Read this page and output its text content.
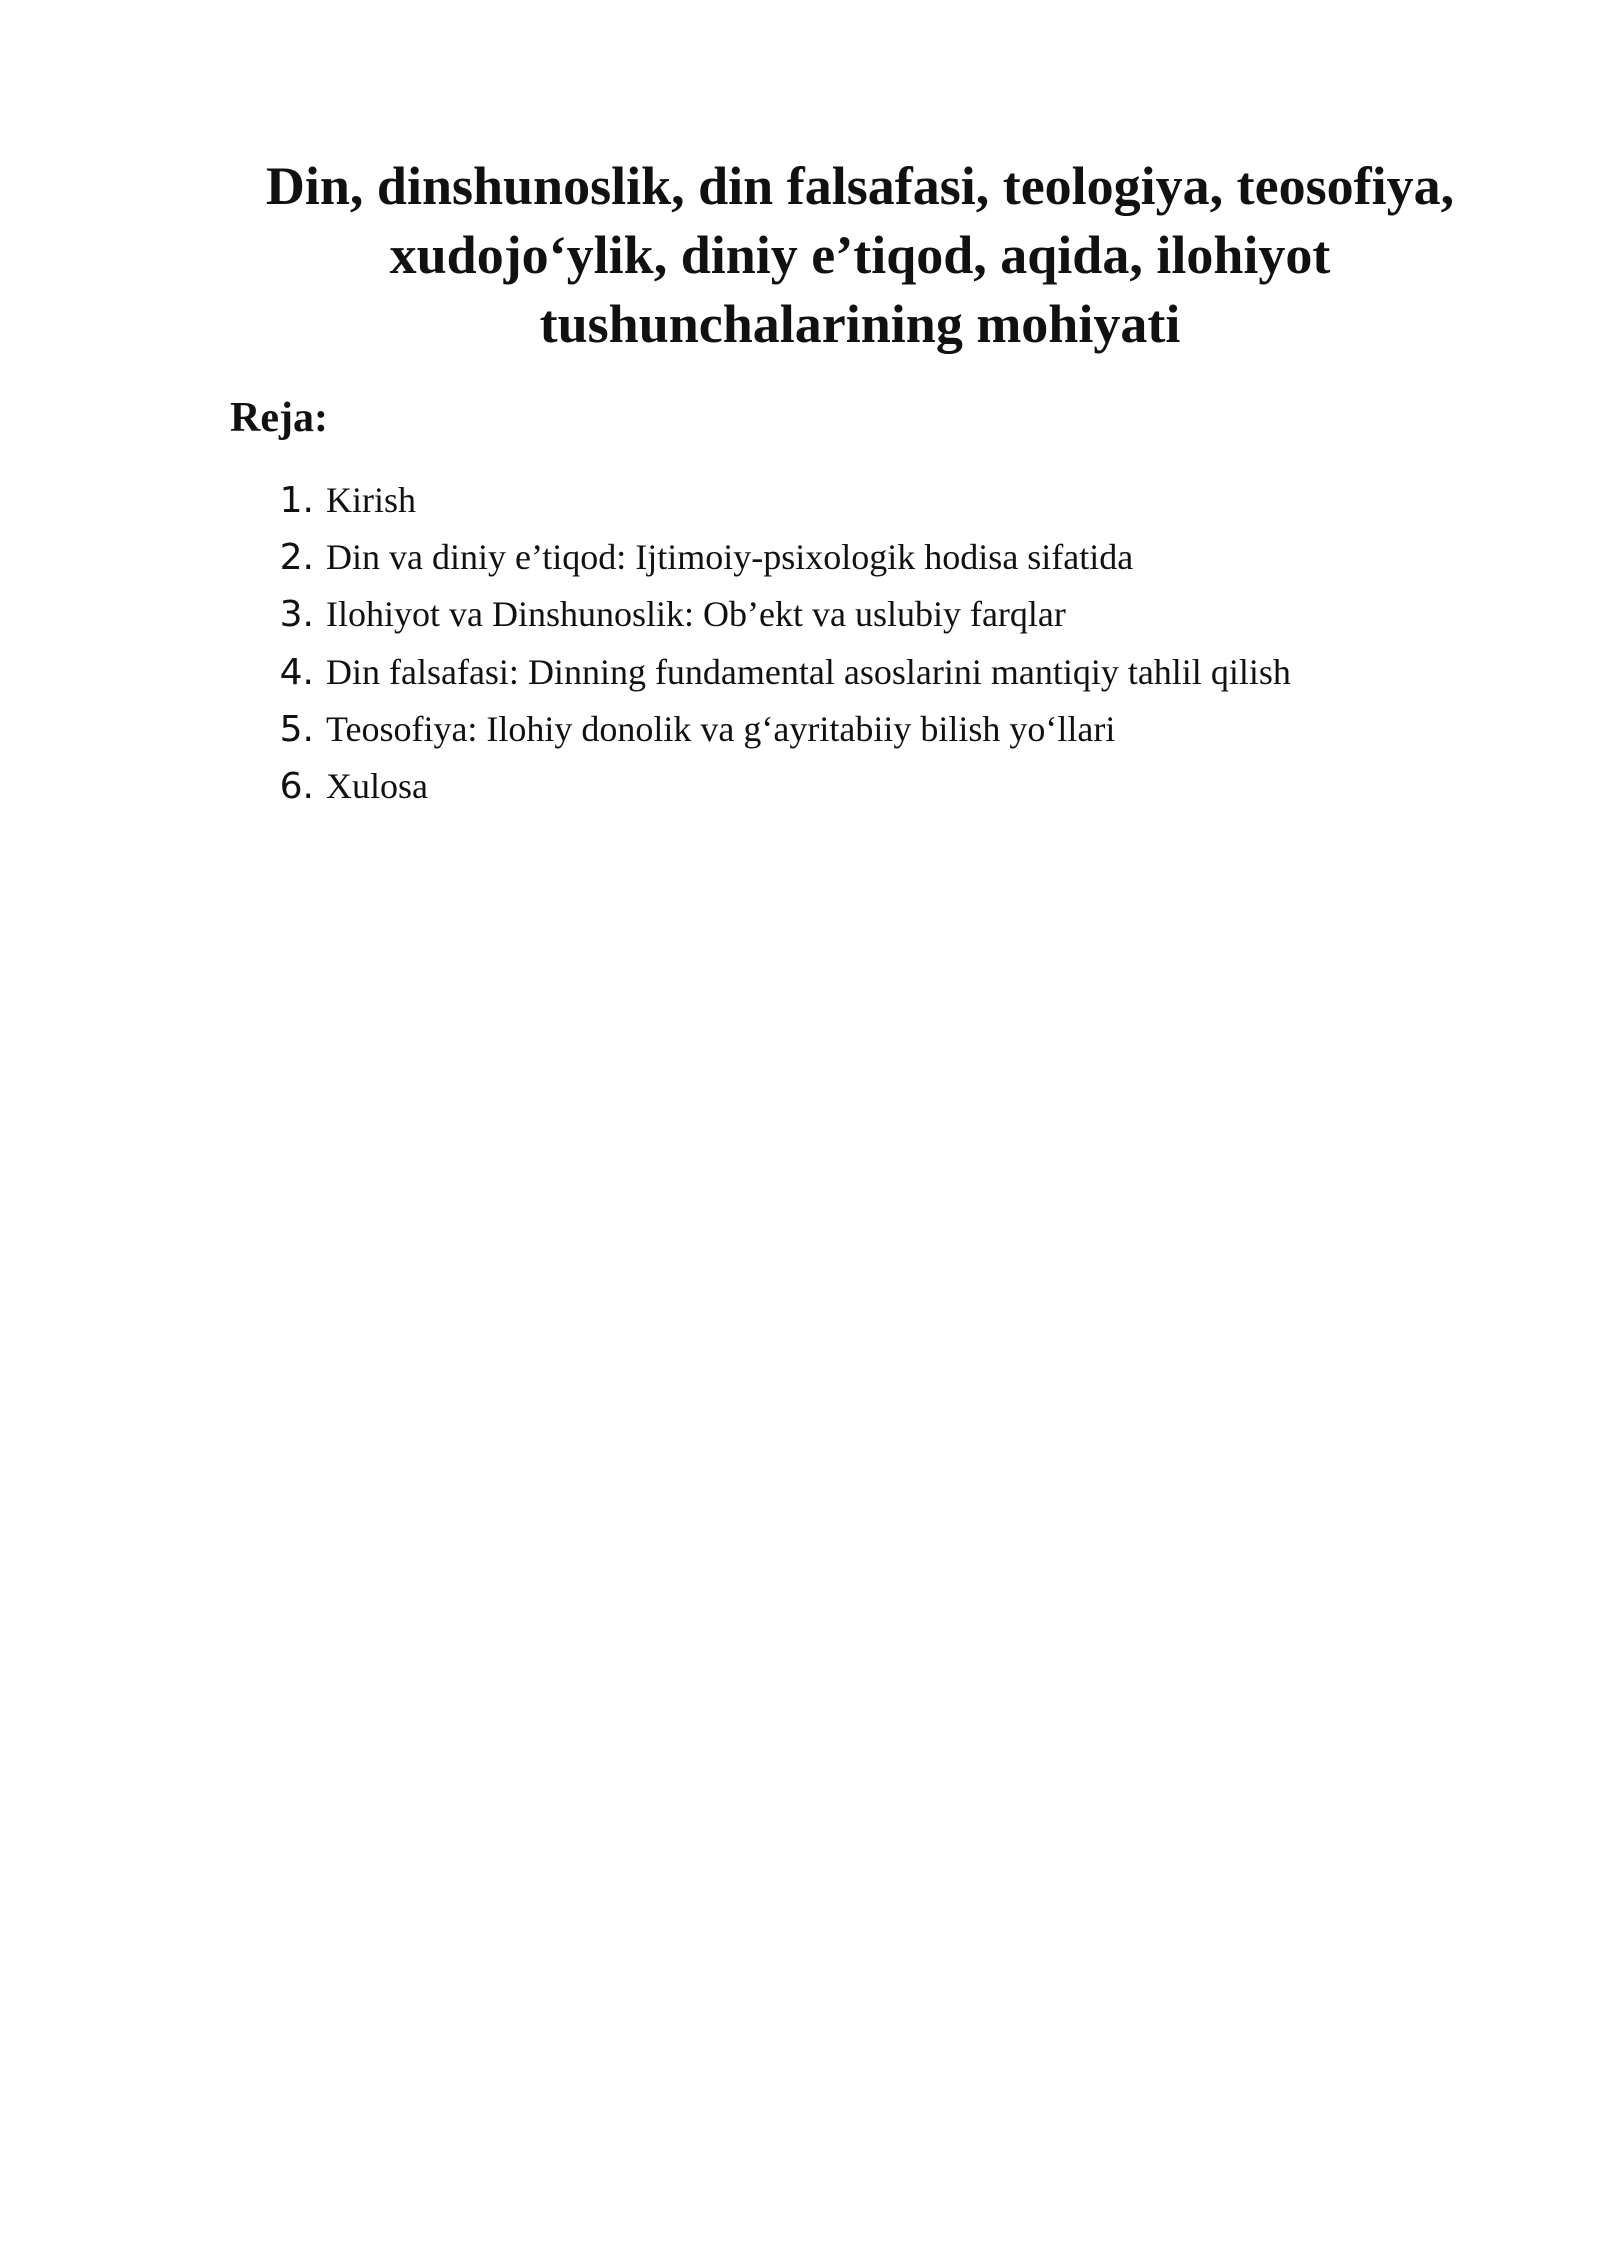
Din, dinshunoslik, din falsafasi, teologiya, teosofiya,
xudojo‘ylik, diniy e’tiqod, aqida, ilohiyot
tushunchalarining mohiyati
Reja:
1. Kirish
2. Din va diniy e’tiqod: Ijtimoiy-psixologik hodisa sifatida
3. Ilohiyot va Dinshunoslik: Ob’ekt va uslubiy farqlar
4. Din falsafasi: Dinning fundamental asoslarini mantiqiy tahlil qilish
5. Teosofiya: Ilohiy donolik va g‘ayritabiiy bilish yo‘llari
6. Xulosa
